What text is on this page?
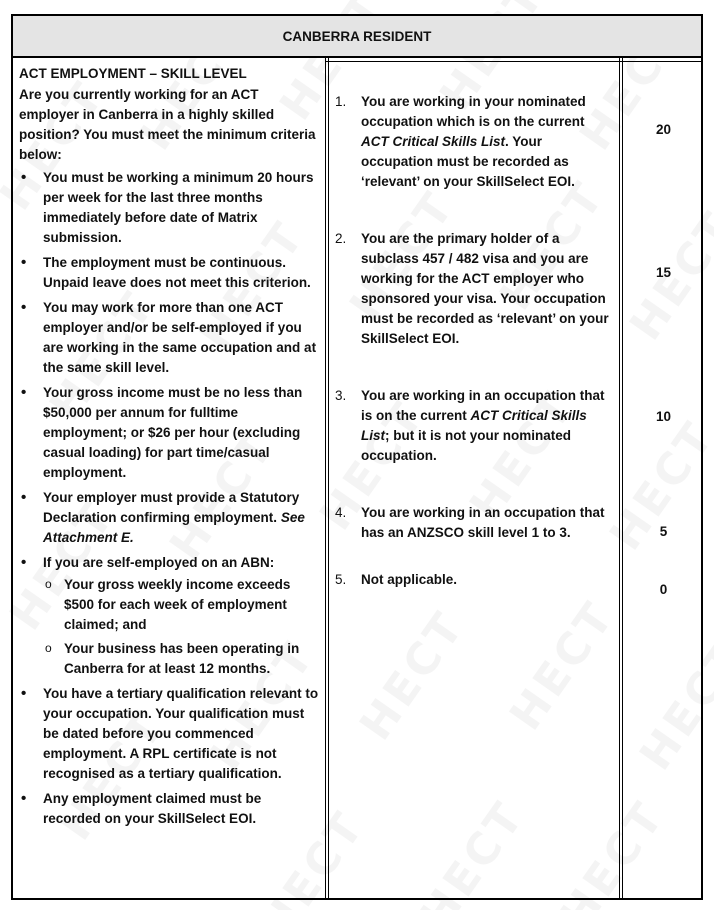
CANBERRA RESIDENT
ACT EMPLOYMENT – SKILL LEVEL
Are you currently working for an ACT employer in Canberra in a highly skilled position? You must meet the minimum criteria below:
• You must be working a minimum 20 hours per week for the last three months immediately before date of Matrix submission.
• The employment must be continuous. Unpaid leave does not meet this criterion.
• You may work for more than one ACT employer and/or be self-employed if you are working in the same occupation and at the same skill level.
• Your gross income must be no less than $50,000 per annum for fulltime employment; or $26 per hour (excluding casual loading) for part time/casual employment.
• Your employer must provide a Statutory Declaration confirming employment. See Attachment E.
• If you are self-employed on an ABN:
o Your gross weekly income exceeds $500 for each week of employment claimed; and
o Your business has been operating in Canberra for at least 12 months.
• You have a tertiary qualification relevant to your occupation. Your qualification must be dated before you commenced employment. A RPL certificate is not recognised as a tertiary qualification.
• Any employment claimed must be recorded on your SkillSelect EOI.
1.	You are working in your nominated occupation which is on the current ACT Critical Skills List. Your occupation must be recorded as ‘relevant’ on your SkillSelect EOI.
20
2.	You are the primary holder of a subclass 457 / 482 visa and you are working for the ACT employer who sponsored your visa. Your occupation must be recorded as ‘relevant’ on your SkillSelect EOI.
15
3.	You are working in an occupation that is on the current ACT Critical Skills List; but it is not your nominated occupation.
10
4.	You are working in an occupation that has an ANZSCO skill level 1 to 3.	5
5.	Not applicable.
0
